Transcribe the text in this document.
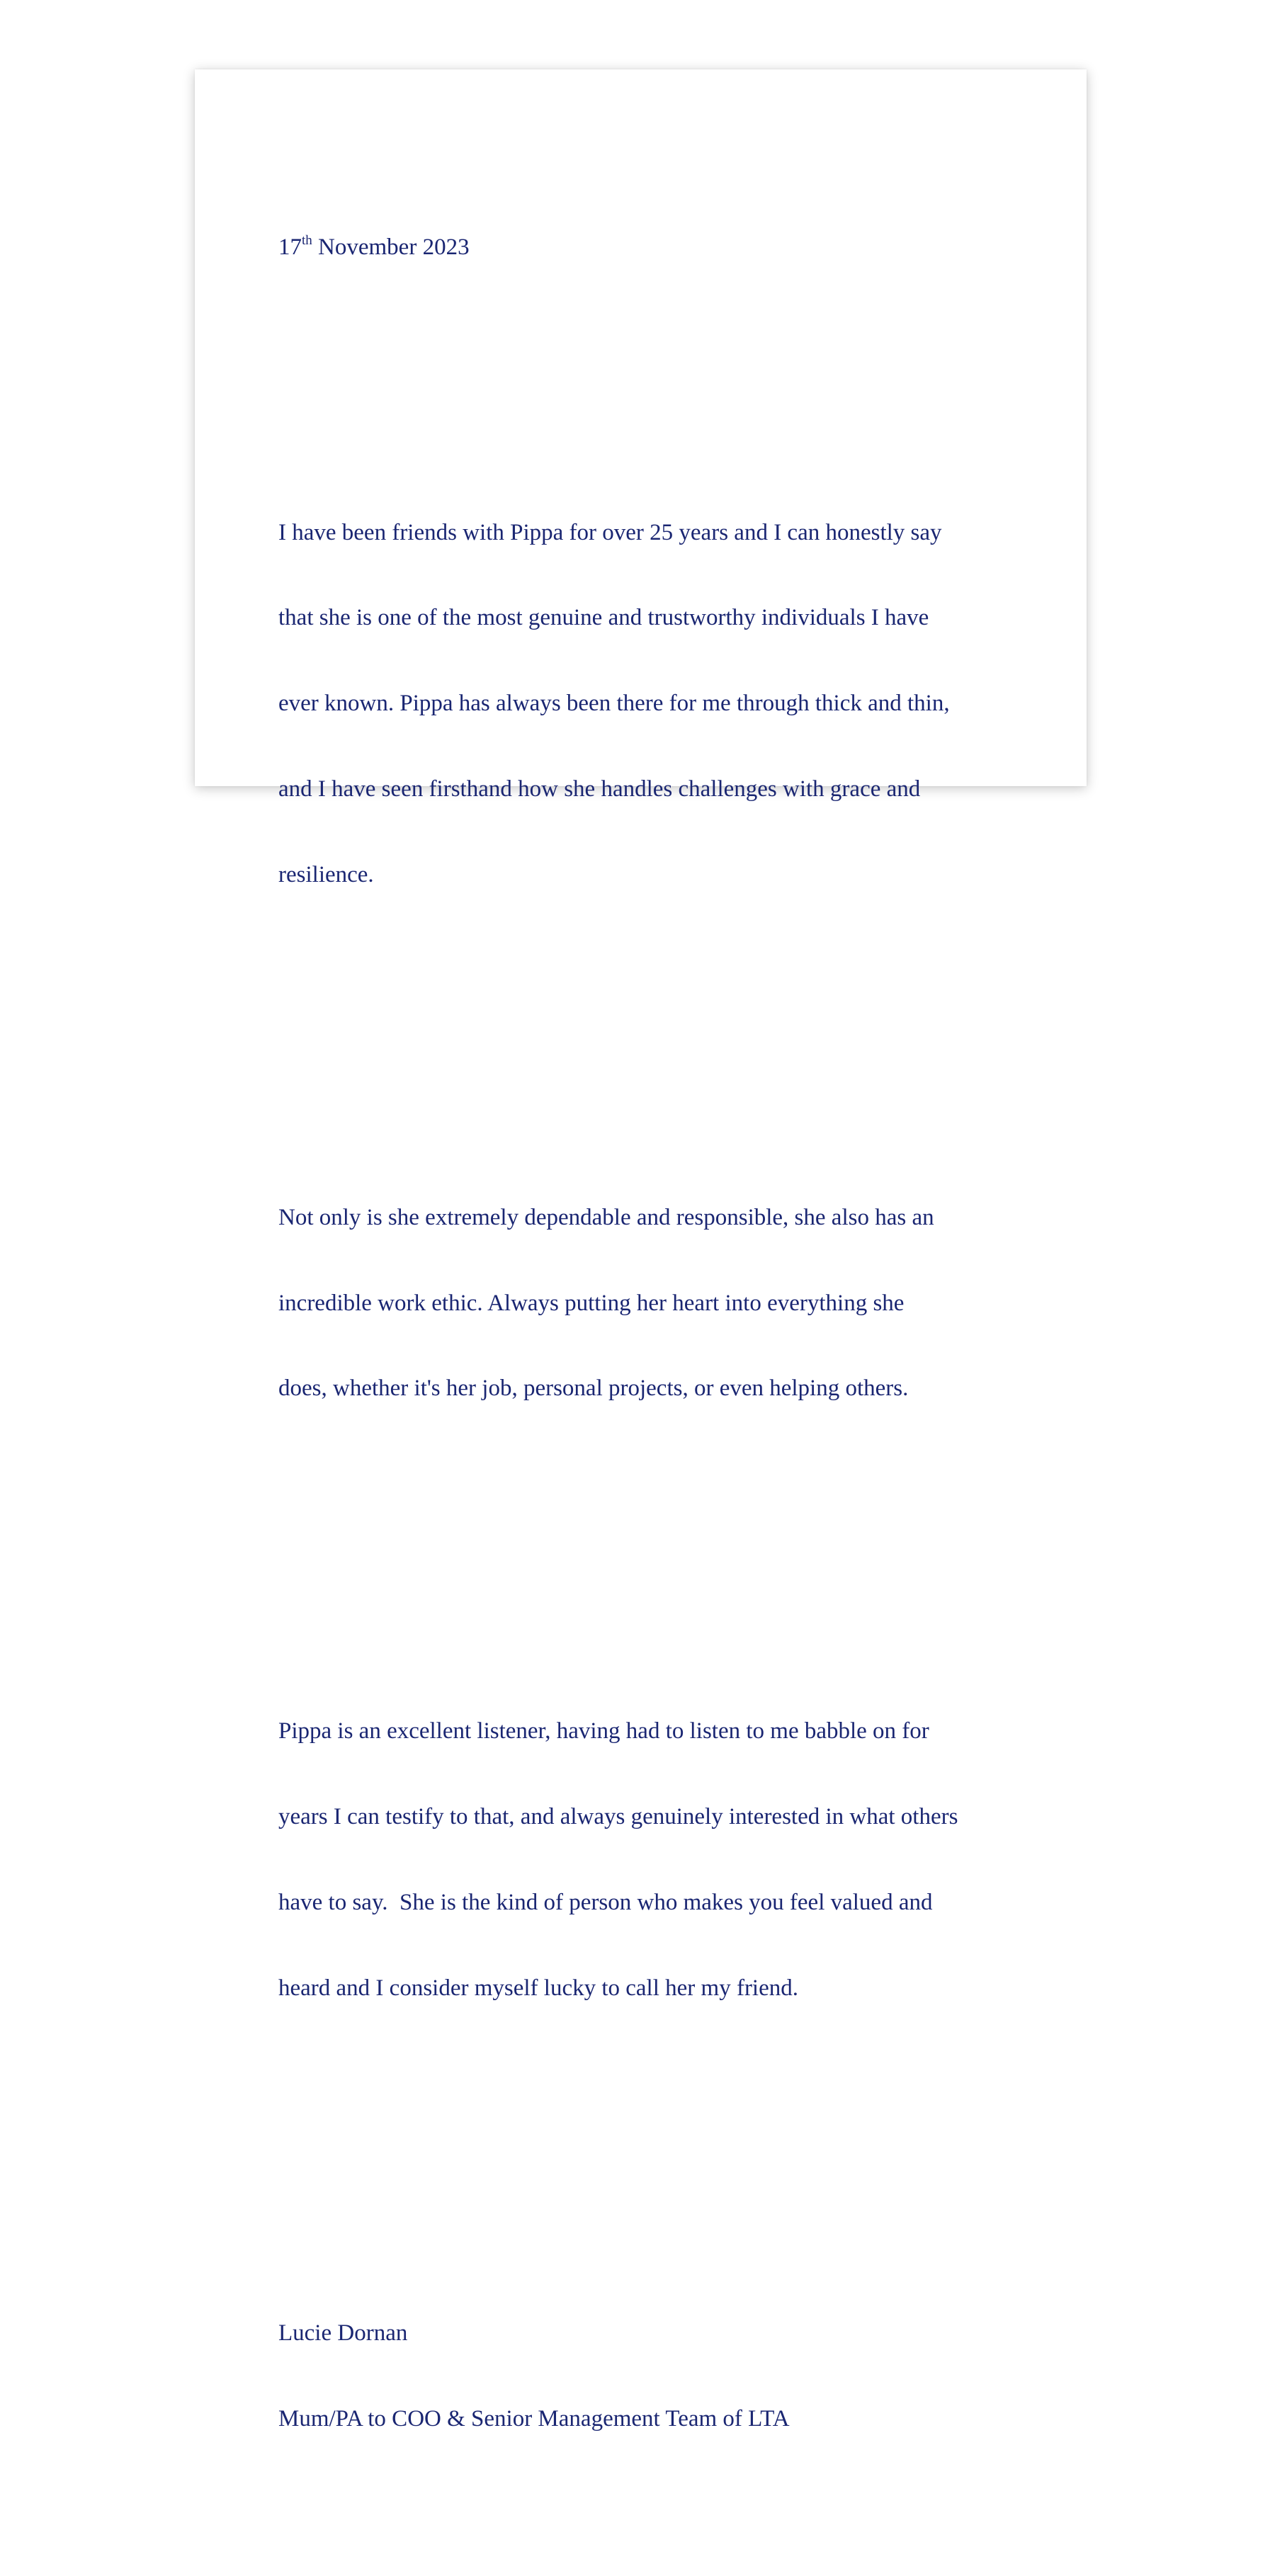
17th November 2023

I have been friends with Pippa for over 25 years and I can honestly say

that she is one of the most genuine and trustworthy individuals I have

ever known. Pippa has always been there for me through thick and thin,

and I have seen firsthand how she handles challenges with grace and

resilience.

Not only is she extremely dependable and responsible, she also has an

incredible work ethic. Always putting her heart into everything she

does, whether it's her job, personal projects, or even helping others.

Pippa is an excellent listener, having had to listen to me babble on for

years I can testify to that, and always genuinely interested in what others

have to say.  She is the kind of person who makes you feel valued and

heard and I consider myself lucky to call her my friend.

Lucie Dornan

Mum/PA to COO & Senior Management Team of LTA
